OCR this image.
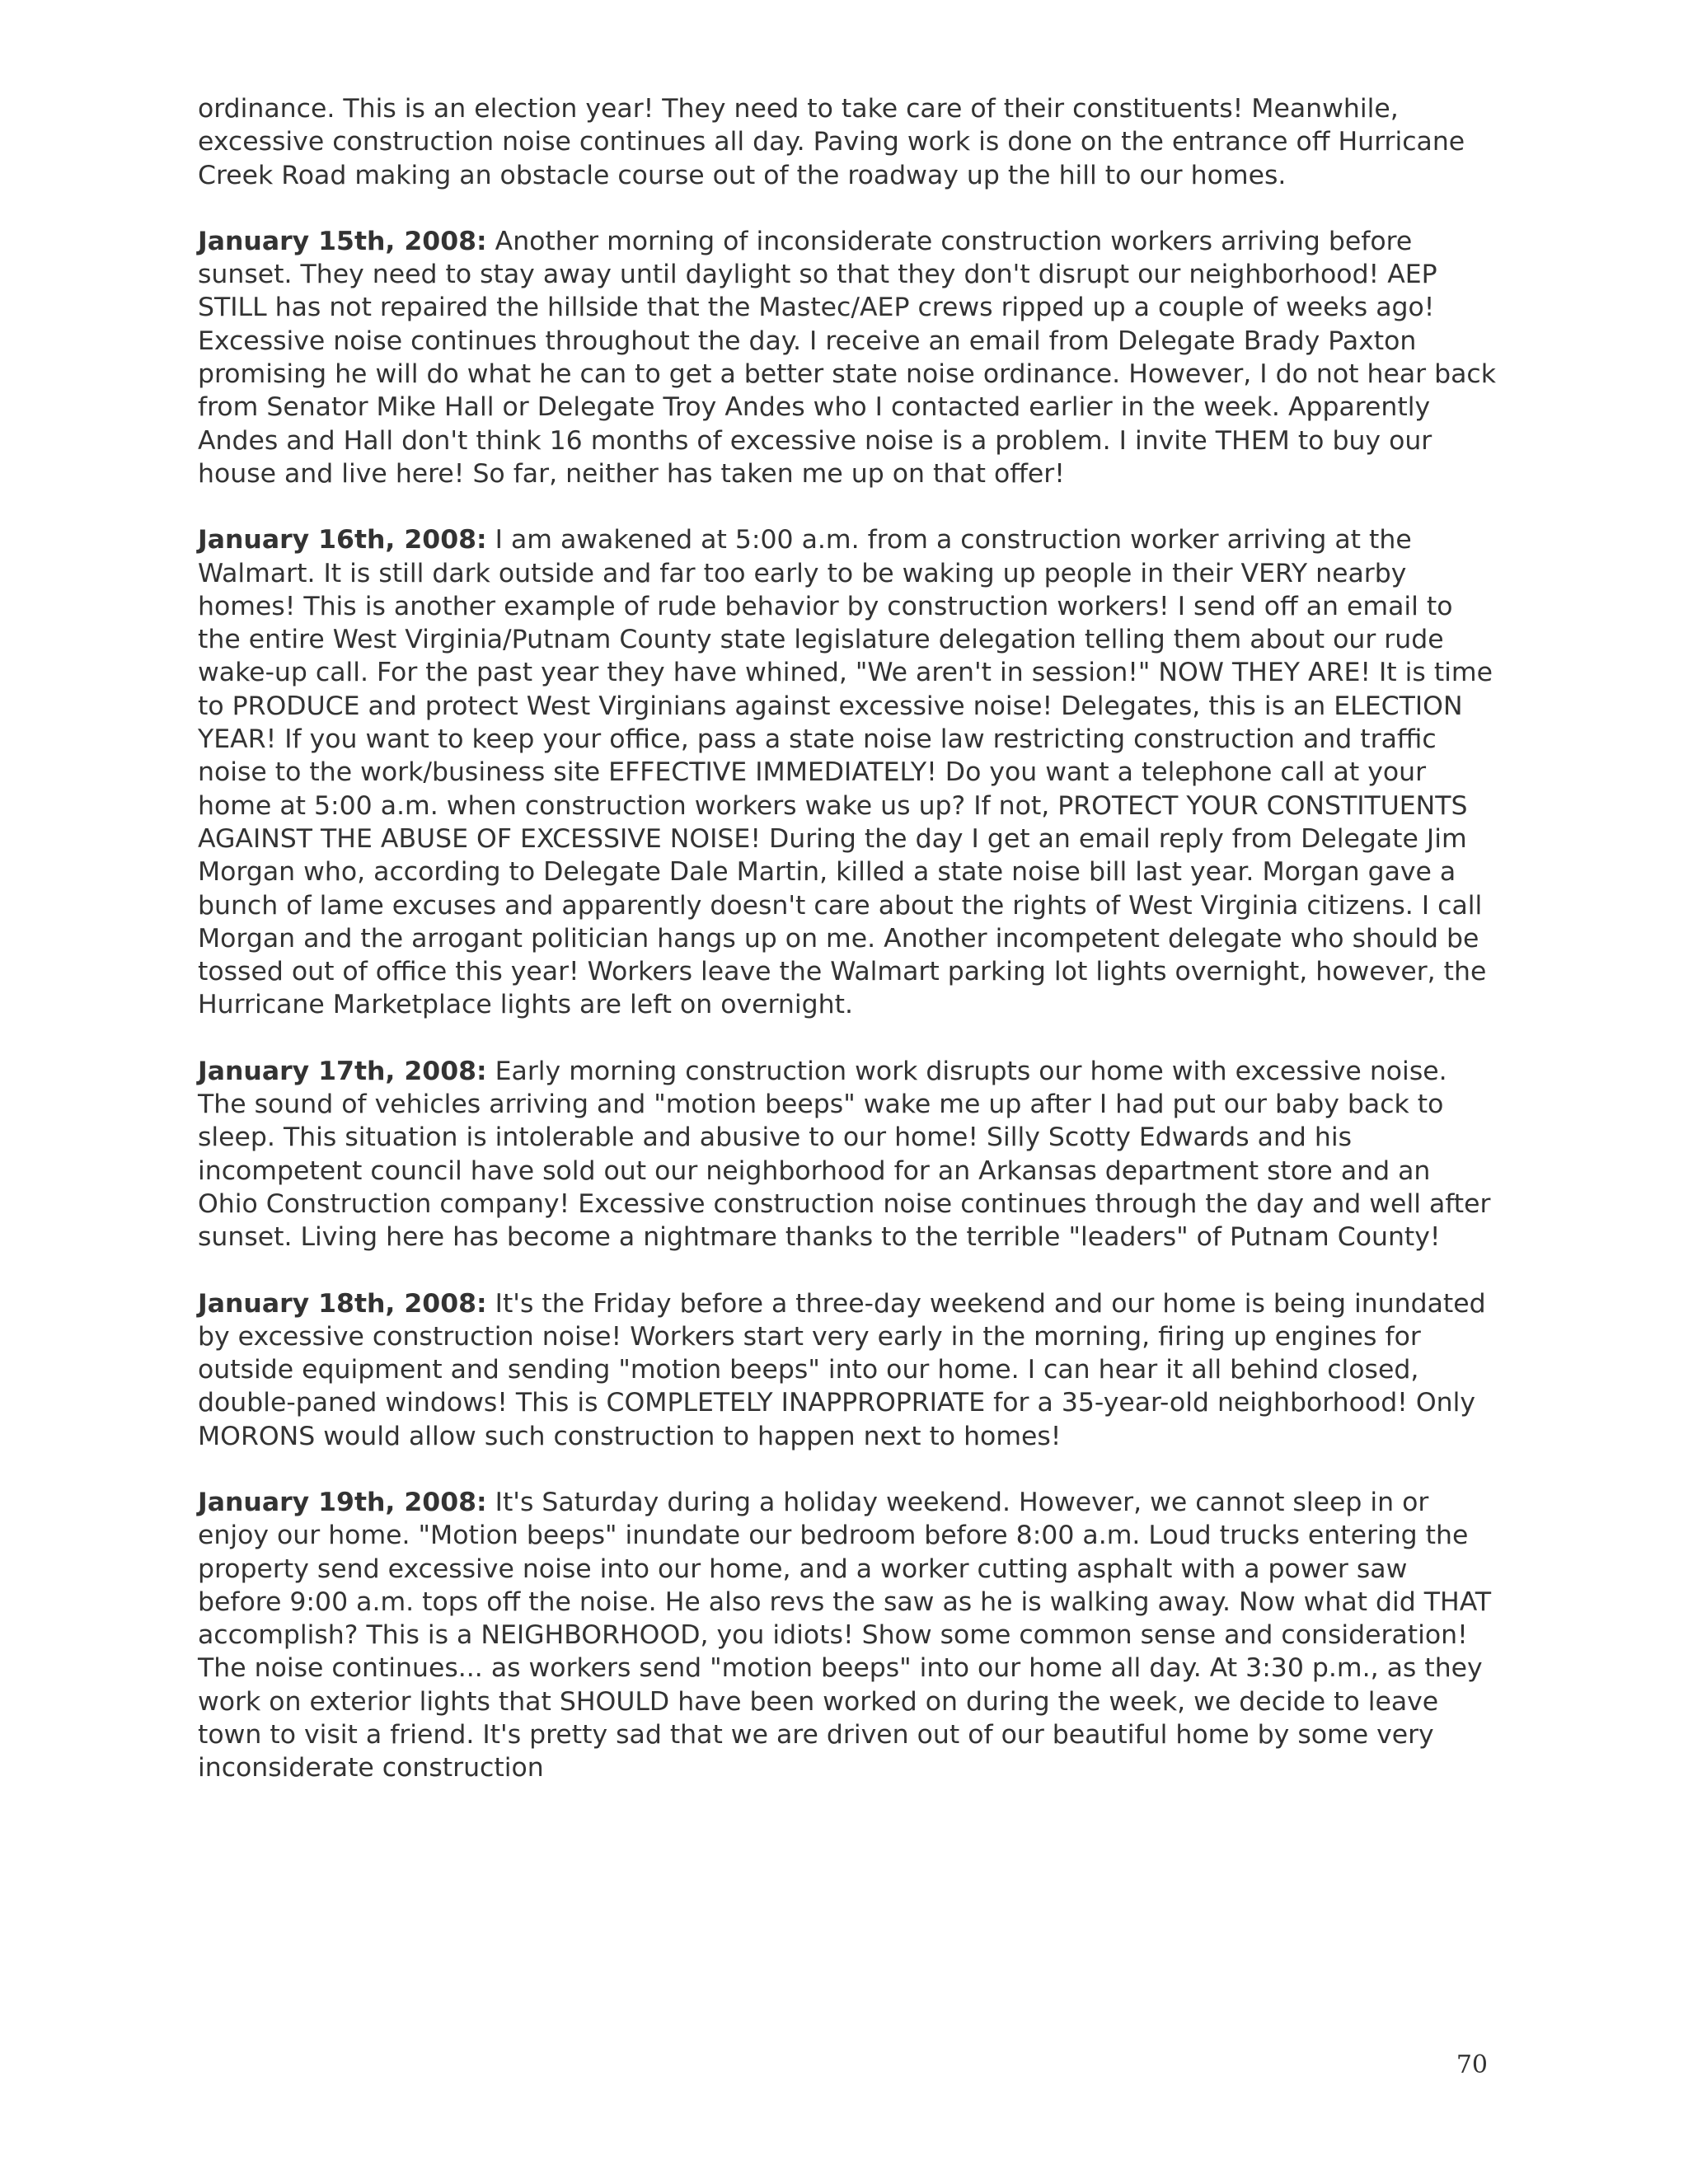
ordinance. This is an election year! They need to take care of their constituents! Meanwhile, excessive construction noise continues all day. Paving work is done on the entrance off Hurricane Creek Road making an obstacle course out of the roadway up the hill to our homes.

January 15th, 2008: Another morning of inconsiderate construction workers arriving before sunset. They need to stay away until daylight so that they don't disrupt our neighborhood! AEP STILL has not repaired the hillside that the Mastec/AEP crews ripped up a couple of weeks ago! Excessive noise continues throughout the day. I receive an email from Delegate Brady Paxton promising he will do what he can to get a better state noise ordinance. However, I do not hear back from Senator Mike Hall or Delegate Troy Andes who I contacted earlier in the week. Apparently Andes and Hall don't think 16 months of excessive noise is a problem. I invite THEM to buy our house and live here! So far, neither has taken me up on that offer!

January 16th, 2008: I am awakened at 5:00 a.m. from a construction worker arriving at the Walmart. It is still dark outside and far too early to be waking up people in their VERY nearby homes! This is another example of rude behavior by construction workers! I send off an email to the entire West Virginia/Putnam County state legislature delegation telling them about our rude wake-up call. For the past year they have whined, "We aren't in session!" NOW THEY ARE! It is time to PRODUCE and protect West Virginians against excessive noise! Delegates, this is an ELECTION YEAR! If you want to keep your office, pass a state noise law restricting construction and traffic noise to the work/business site EFFECTIVE IMMEDIATELY! Do you want a telephone call at your home at 5:00 a.m. when construction workers wake us up? If not, PROTECT YOUR CONSTITUENTS AGAINST THE ABUSE OF EXCESSIVE NOISE! During the day I get an email reply from Delegate Jim Morgan who, according to Delegate Dale Martin, killed a state noise bill last year. Morgan gave a bunch of lame excuses and apparently doesn't care about the rights of West Virginia citizens. I call Morgan and the arrogant politician hangs up on me. Another incompetent delegate who should be tossed out of office this year! Workers leave the Walmart parking lot lights overnight, however, the Hurricane Marketplace lights are left on overnight.

January 17th, 2008: Early morning construction work disrupts our home with excessive noise. The sound of vehicles arriving and "motion beeps" wake me up after I had put our baby back to sleep. This situation is intolerable and abusive to our home! Silly Scotty Edwards and his incompetent council have sold out our neighborhood for an Arkansas department store and an Ohio Construction company! Excessive construction noise continues through the day and well after sunset. Living here has become a nightmare thanks to the terrible "leaders" of Putnam County!

January 18th, 2008: It's the Friday before a three-day weekend and our home is being inundated by excessive construction noise! Workers start very early in the morning, firing up engines for outside equipment and sending "motion beeps" into our home. I can hear it all behind closed, double-paned windows! This is COMPLETELY INAPPROPRIATE for a 35-year-old neighborhood! Only MORONS would allow such construction to happen next to homes!

January 19th, 2008: It's Saturday during a holiday weekend. However, we cannot sleep in or enjoy our home. "Motion beeps" inundate our bedroom before 8:00 a.m. Loud trucks entering the property send excessive noise into our home, and a worker cutting asphalt with a power saw before 9:00 a.m. tops off the noise. He also revs the saw as he is walking away. Now what did THAT accomplish? This is a NEIGHBORHOOD, you idiots! Show some common sense and consideration! The noise continues... as workers send "motion beeps" into our home all day. At 3:30 p.m., as they work on exterior lights that SHOULD have been worked on during the week, we decide to leave town to visit a friend. It's pretty sad that we are driven out of our beautiful home by some very inconsiderate construction

70
